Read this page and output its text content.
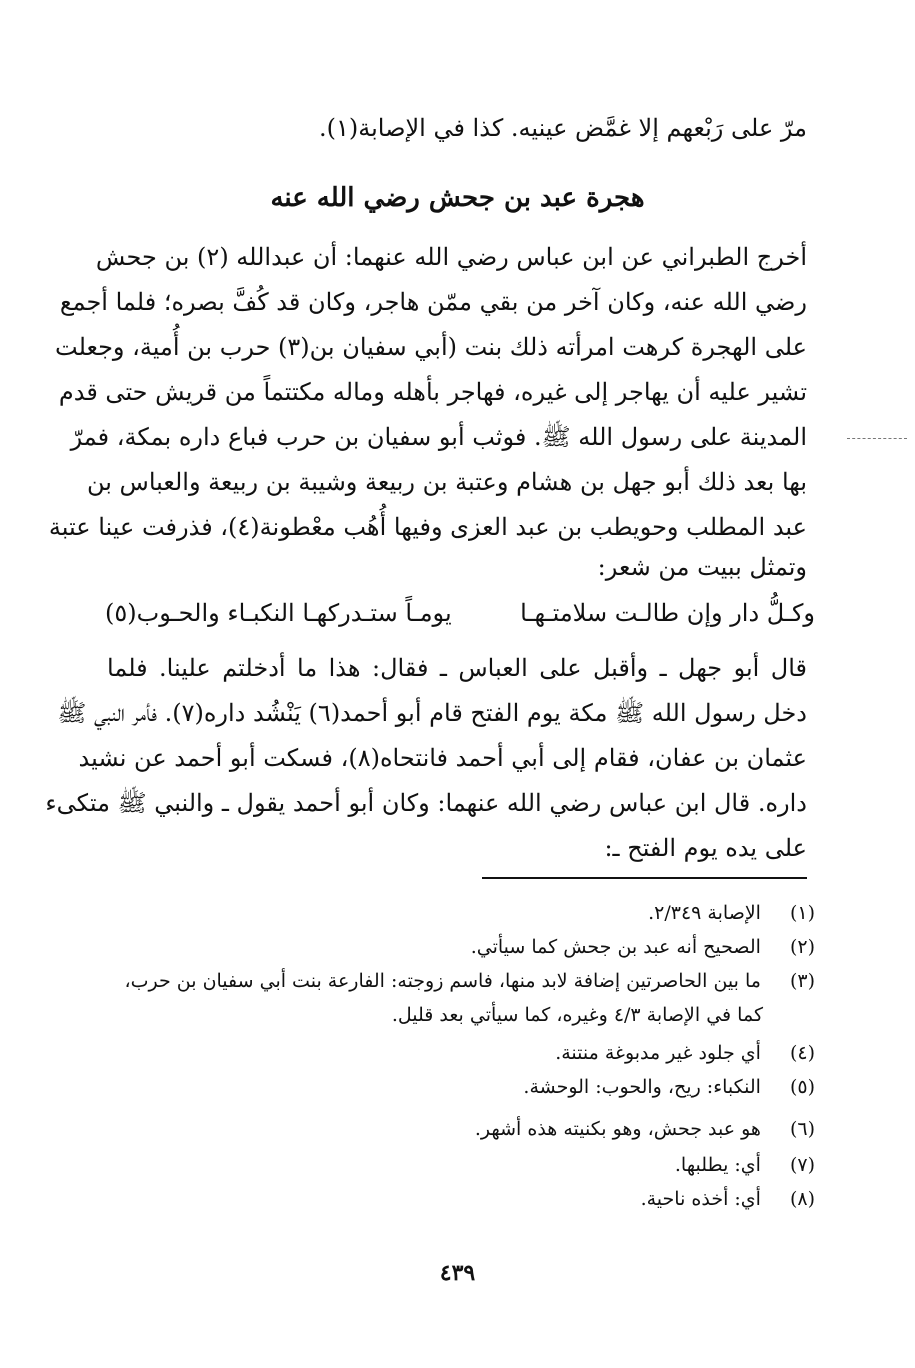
مرّ على رَبْعهم إلا غمَّض عينيه. كذا في الإصابة(١).
هجرة عبد بن جحش رضي الله عنه
أخرج الطبراني عن ابن عباس رضي الله عنهما: أن عبدالله (٢) بن جحش
رضي الله عنه، وكان آخر من بقي ممّن هاجر، وكان قد كُفَّ بصره؛ فلما أجمع
على الهجرة كرهت امرأته ذلك بنت (أبي سفيان بن(٣) حرب بن أُمية، وجعلت
تشير عليه أن يهاجر إلى غيره، فهاجر بأهله وماله مكتتماً من قريش حتى قدم
المدينة على رسول الله ﷺ. فوثب أبو سفيان بن حرب فباع داره بمكة، فمرّ
بها بعد ذلك أبو جهل بن هشام وعتبة بن ربيعة وشيبة بن ربيعة والعباس بن
عبد المطلب وحويطب بن عبد العزى وفيها أُهُب معْطونة(٤)، فذرفت عينا عتبة
وتمثل ببيت من شعر:
وكـلُّ دار وإن طالـت سلامتـهـا
يومـاً ستـدركهـا النكبـاء والحـوب(٥)
قال أبو جهل ـ وأقبل على العباس ـ فقال: هذا ما أدخلتم علينا. فلما
دخل رسول الله ﷺ مكة يوم الفتح قام أبو أحمد(٦) يَنْشُد داره(٧). فأمر النبي ﷺ
عثمان بن عفان، فقام إلى أبي أحمد فانتحاه(٨)، فسكت أبو أحمد عن نشيد
داره. قال ابن عباس رضي الله عنهما: وكان أبو أحمد يقول ـ والنبي ﷺ متكىء
على يده يوم الفتح ـ:
(١) الإصابة ٢/٣٤٩.
(٢) الصحيح أنه عبد بن جحش كما سيأتي.
(٣) ما بين الحاصرتين إضافة لابد منها، فاسم زوجته: الفارعة بنت أبي سفيان بن حرب،
كما في الإصابة ٤/٣ وغيره، كما سيأتي بعد قليل.
(٤) أي جلود غير مدبوغة منتنة.
(٥) النكباء: ريح، والحوب: الوحشة.
(٦) هو عبد جحش، وهو بكنيته هذه أشهر.
(٧) أي: يطلبها.
(٨) أي: أخذه ناحية.
٤٣٩
